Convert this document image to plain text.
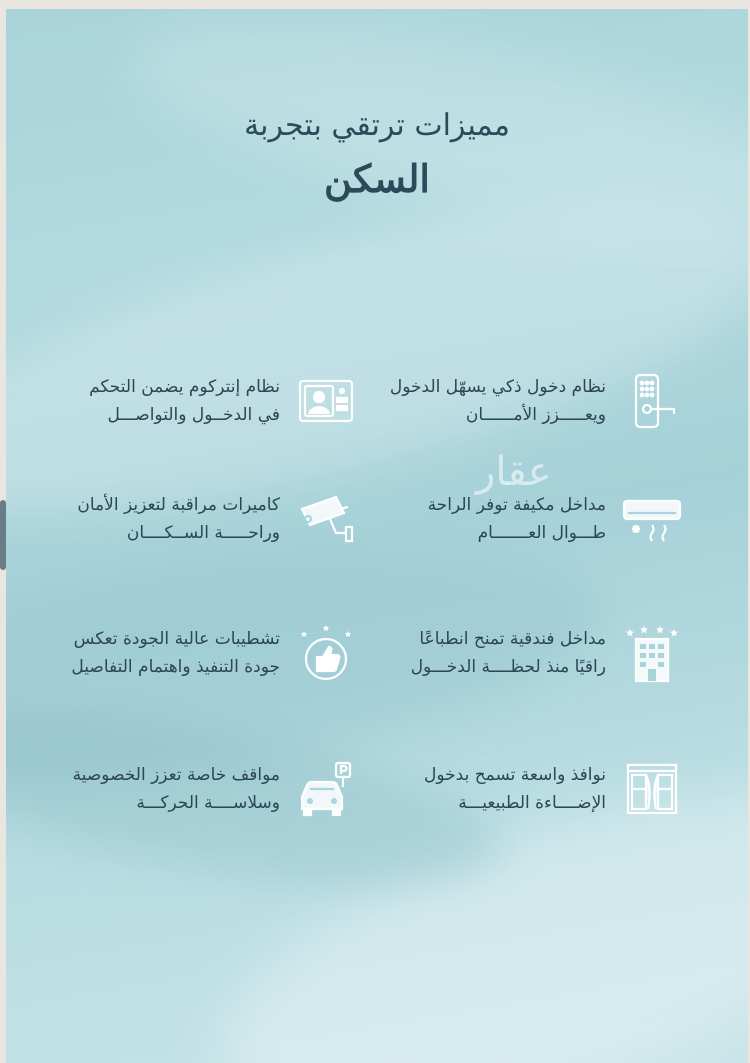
مميزات ترتقي بتجربة
السكن
عقار
نظام دخول ذكي يسهّل الدخول
ويعـــــزز الأمــــــان
نظام إنتركوم يضمن التحكم
في الدخــول والتواصـــل
مداخل مكيفة توفر الراحة
طـــوال العـــــــام
كاميرات مراقبة لتعزيز الأمان
وراحـــــة الســكــــان
مداخل فندقية تمنح انطباعًا
راقيًا منذ لحظــــة الدخـــول
تشطيبات عالية الجودة تعكس
جودة التنفيذ واهتمام التفاصيل
نوافذ واسعة تسمح بدخول
الإضــــاءة الطبيعيـــة
مواقف خاصة تعزز الخصوصية
وسلاســــة الحركـــة
